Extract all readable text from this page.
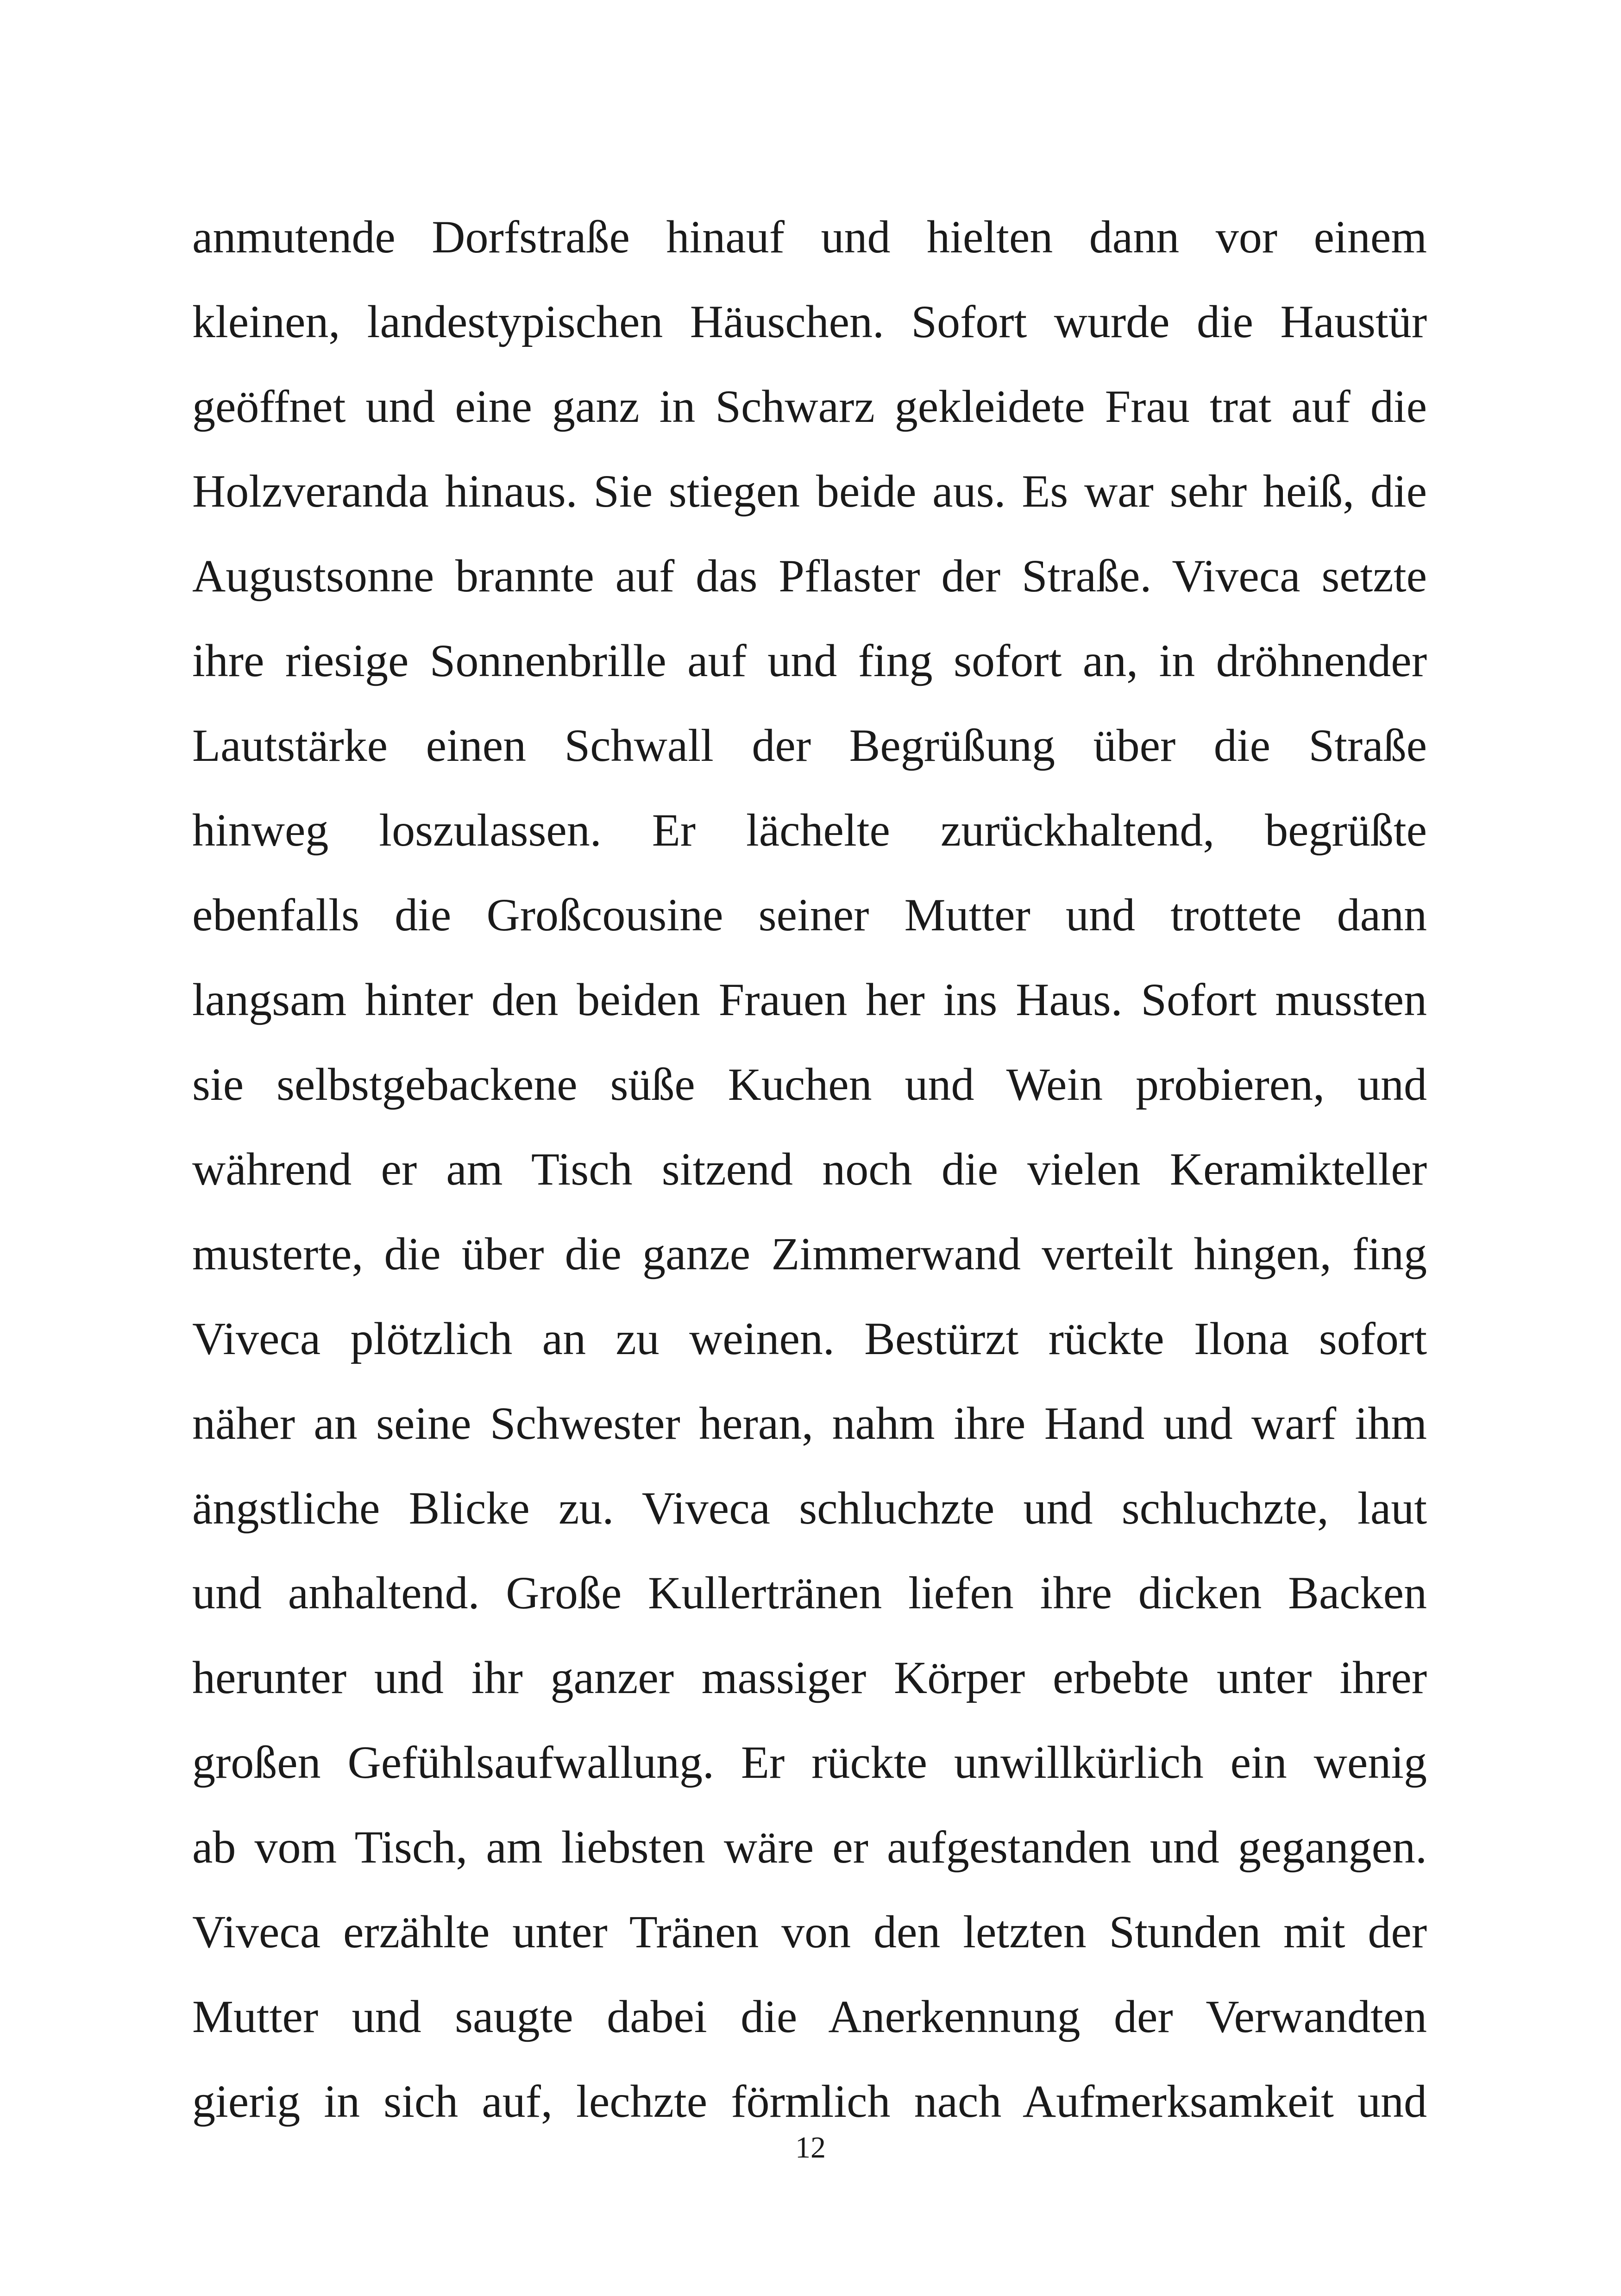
anmutende Dorfstraße hinauf und hielten dann vor einem
kleinen, landestypischen Häuschen. Sofort wurde die Haustür
geöffnet und eine ganz in Schwarz gekleidete Frau trat auf die
Holzveranda hinaus. Sie stiegen beide aus. Es war sehr heiß, die
Augustsonne brannte auf das Pflaster der Straße. Viveca setzte
ihre riesige Sonnenbrille auf und fing sofort an, in dröhnender
Lautstärke einen Schwall der Begrüßung über die Straße
hinweg loszulassen. Er lächelte zurückhaltend, begrüßte
ebenfalls die Großcousine seiner Mutter und trottete dann
langsam hinter den beiden Frauen her ins Haus. Sofort mussten
sie selbstgebackene süße Kuchen und Wein probieren, und
während er am Tisch sitzend noch die vielen Keramikteller
musterte, die über die ganze Zimmerwand verteilt hingen, fing
Viveca plötzlich an zu weinen. Bestürzt rückte Ilona sofort
näher an seine Schwester heran, nahm ihre Hand und warf ihm
ängstliche Blicke zu. Viveca schluchzte und schluchzte, laut
und anhaltend. Große Kullertränen liefen ihre dicken Backen
herunter und ihr ganzer massiger Körper erbebte unter ihrer
großen Gefühlsaufwallung. Er rückte unwillkürlich ein wenig
ab vom Tisch, am liebsten wäre er aufgestanden und gegangen.
Viveca erzählte unter Tränen von den letzten Stunden mit der
Mutter und saugte dabei die Anerkennung der Verwandten
gierig in sich auf, lechzte förmlich nach Aufmerksamkeit und
12
